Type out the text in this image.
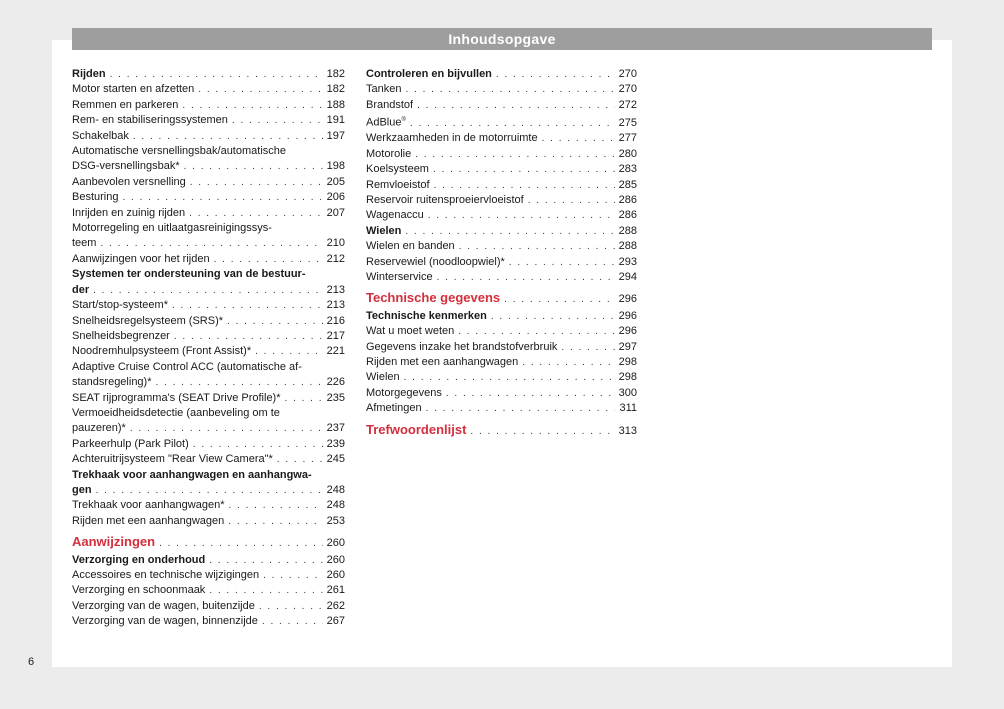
Inhoudsopgave
Rijden . . .	182
Motor starten en afzetten . . .	182
Remmen en parkeren . . .	188
Rem- en stabiliseringssystemen . . .	191
Schakelbak . . .	197
Automatische versnellingsbak/automatische
DSG-versnellingsbak* . . .	198
Aanbevolen versnelling . . .	205
Besturing . . .	206
Inrijden en zuinig rijden . . .	207
Motorregeling en uitlaatgasreinigingssys-
teem . . .	210
Aanwijzingen voor het rijden . . .	212
Systemen ter ondersteuning van de bestuur-
der . . .	213
Start/stop-systeem* . . .	213
Snelheidsregelsysteem (SRS)* . . .	216
Snelheidsbegrenzer . . .	217
Noodremhulpsysteem (Front Assist)* . . .	221
Adaptive Cruise Control ACC (automatische af-
standsregeling)* . . .	226
SEAT rijprogramma's (SEAT Drive Profile)* . . .	235
Vermoeidheidsdetectie (aanbeveling om te
pauzeren)* . . .	237
Parkeerhulp (Park Pilot) . . .	239
Achteruitrijsysteem "Rear View Camera"* . . .	245
Trekhaak voor aanhangwagen en aanhangwa-
gen . . .	248
Trekhaak voor aanhangwagen* . . .	248
Rijden met een aanhangwagen . . .	253
Aanwijzingen . . .	260
Verzorging en onderhoud . . .	260
Accessoires en technische wijzigingen . . .	260
Verzorging en schoonmaak . . .	261
Verzorging van de wagen, buitenzijde . . .	262
Verzorging van de wagen, binnenzijde . . .	267
Controleren en bijvullen . . .	270
Tanken . . .	270
Brandstof . . .	272
AdBlue® . . .	275
Werkzaamheden in de motorruimte . . .	277
Motorolie . . .	280
Koelsysteem . . .	283
Remvloeistof . . .	285
Reservoir ruitensproeiervloeistof . . .	286
Wagenaccu . . .	286
Wielen . . .	288
Wielen en banden . . .	288
Reservewiel (noodloopwiel)* . . .	293
Winterservice . . .	294
Technische gegevens . . .	296
Technische kenmerken . . .	296
Wat u moet weten . . .	296
Gegevens inzake het brandstofverbruik . . .	297
Rijden met een aanhangwagen . . .	298
Wielen . . .	298
Motorgegevens . . .	300
Afmetingen . . .	311
Trefwoordenlijst . . .	313
6
